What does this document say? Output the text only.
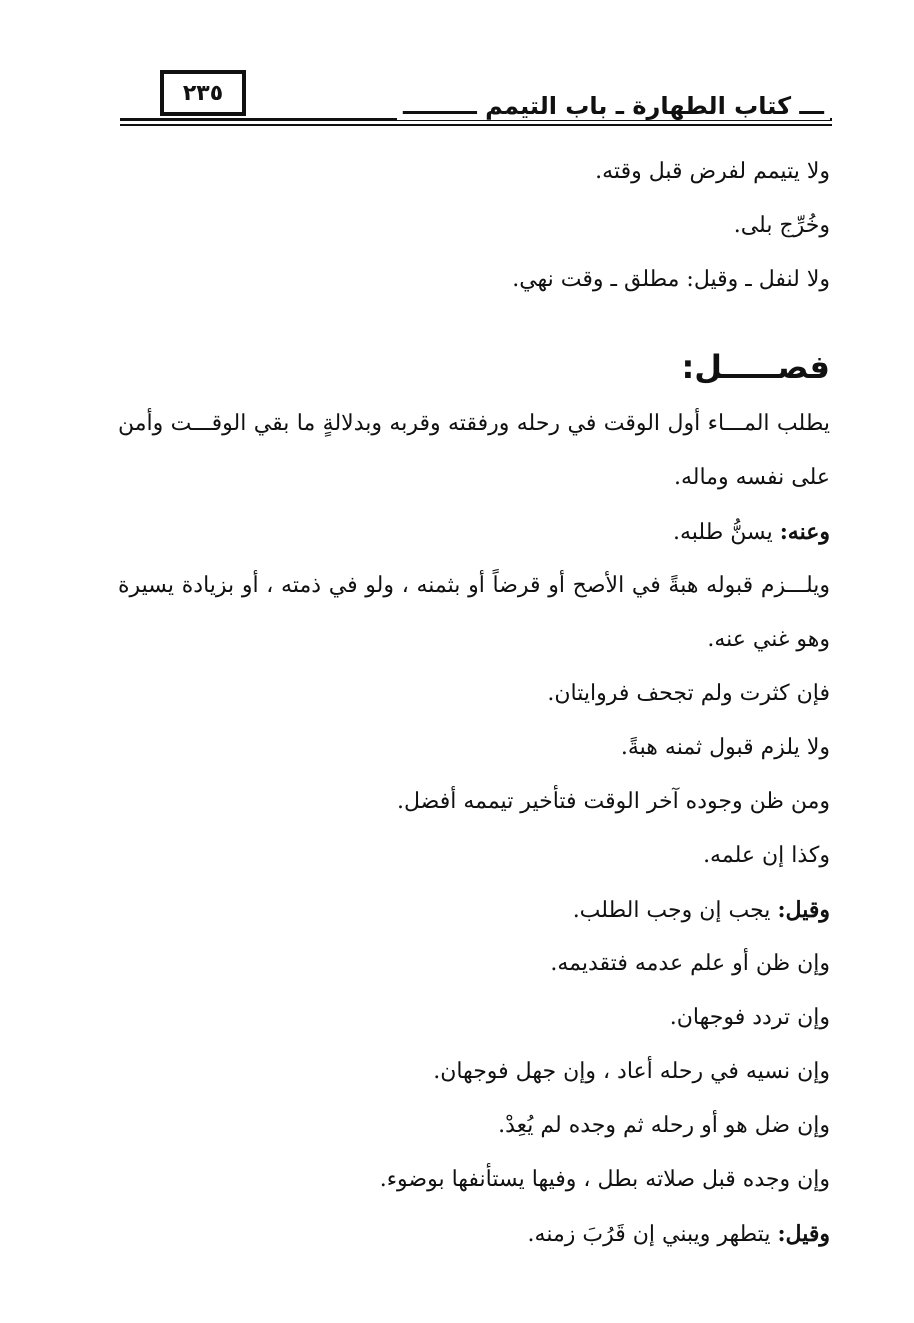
٢٣٥	ـــ كتاب الطهارة ـ باب التيمم ـــــــــ
ولا يتيمم لفرض قبل وقته.
وخُرِّج بلى.
ولا لنفل ـ وقيل: مطلق ـ وقت نهي.
فصـــــل:
يطلب المـــاء أول الوقت في رحله ورفقته وقربه وبدلالةٍ ما بقي الوقـــت وأمن
على نفسه وماله.
وعنه: يسنُّ طلبه.
ويلـــزم قبوله هبةً في الأصح أو قرضاً أو بثمنه ، ولو في ذمته ، أو بزيادة يسيرة
وهو غني عنه.
فإن كثرت ولم تجحف فروايتان.
ولا يلزم قبول ثمنه هبةً.
ومن ظن وجوده آخر الوقت فتأخير تيممه أفضل.
وكذا إن علمه.
وقيل: يجب إن وجب الطلب.
وإن ظن أو علم عدمه فتقديمه.
وإن تردد فوجهان.
وإن نسيه في رحله أعاد ، وإن جهل فوجهان.
وإن ضل هو أو رحله ثم وجده لم يُعِدْ.
وإن وجده قبل صلاته بطل ، وفيها يستأنفها بوضوء.
وقيل: يتطهر ويبني إن قَرُبَ زمنه.
